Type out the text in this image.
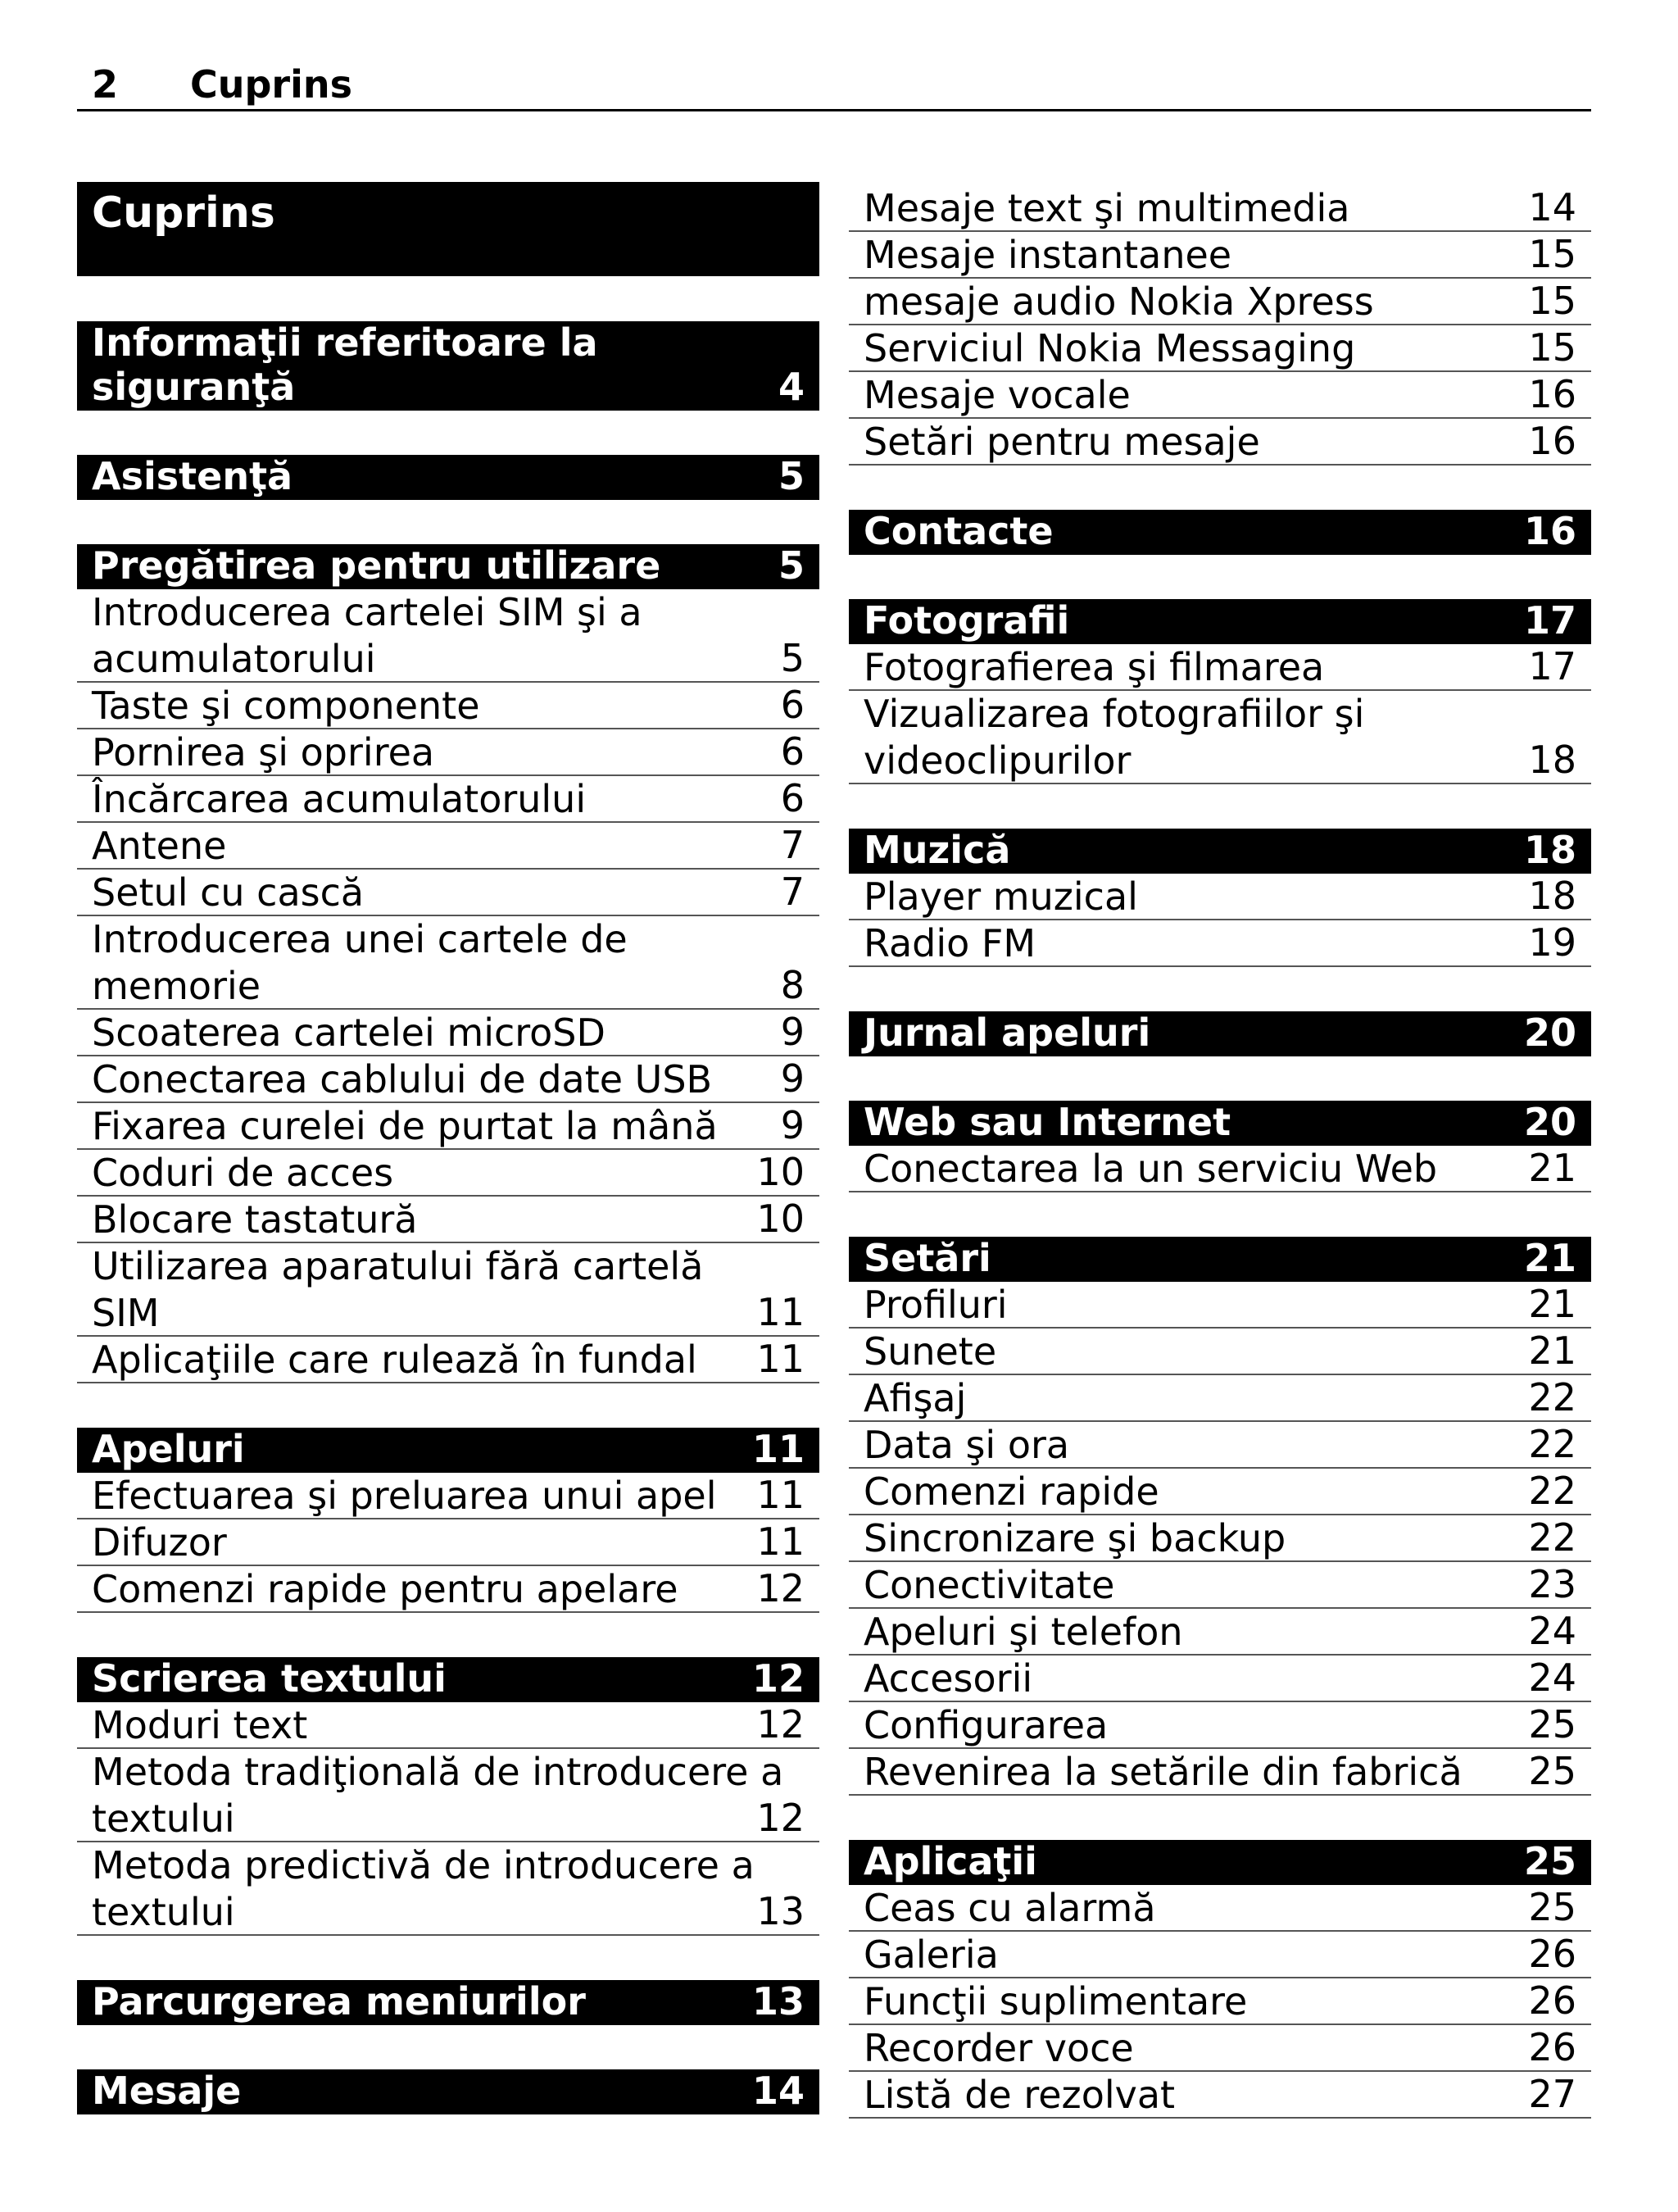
2 Cuprins
Cuprins
Informaţii referitoare la
siguranţă	4
Asistenţă	5
Pregătirea pentru utilizare	5
Introducerea cartelei SIM şi a
acumulatorului	5
Taste şi componente	6
Pornirea şi oprirea	6
Încărcarea acumulatorului	6
Antene	7
Setul cu cască	7
Introducerea unei cartele de
memorie	8
Scoaterea cartelei microSD	9
Conectarea cablului de date USB 9
Fixarea curelei de purtat la mână 9
Coduri de acces	10
Blocare tastatură	10
Utilizarea aparatului fără cartelă
SIM	11
Aplicaţiile care rulează în fundal 11
Apeluri	11
Efectuarea şi preluarea unui apel 11
Difuzor	11
Comenzi rapide pentru apelare 12
Scrierea textului	12
Moduri text	12
Metoda tradiţională de introducere a
textului	12
Metoda predictivă de introducere a
textului	13
Parcurgerea meniurilor	13
Mesaje	14
Mesaje text şi multimedia	14
Mesaje instantanee	15
mesaje audio Nokia Xpress	15
Serviciul Nokia Messaging	15
Mesaje vocale	16
Setări pentru mesaje	16
Contacte	16
Fotografii	17
Fotografierea şi filmarea	17
Vizualizarea fotografiilor şi
videoclipurilor	18
Muzică	18
Player muzical	18
Radio FM	19
Jurnal apeluri	20
Web sau Internet	20
Conectarea la un serviciu Web 21
Setări	21
Profiluri	21
Sunete	21
Afişaj	22
Data şi ora	22
Comenzi rapide	22
Sincronizare şi backup	22
Conectivitate	23
Apeluri şi telefon	24
Accesorii	24
Configurarea	25
Revenirea la setările din fabrică 25
Aplicaţii	25
Ceas cu alarmă	25
Galeria	26
Funcţii suplimentare	26
Recorder voce	26
Listă de rezolvat	27
